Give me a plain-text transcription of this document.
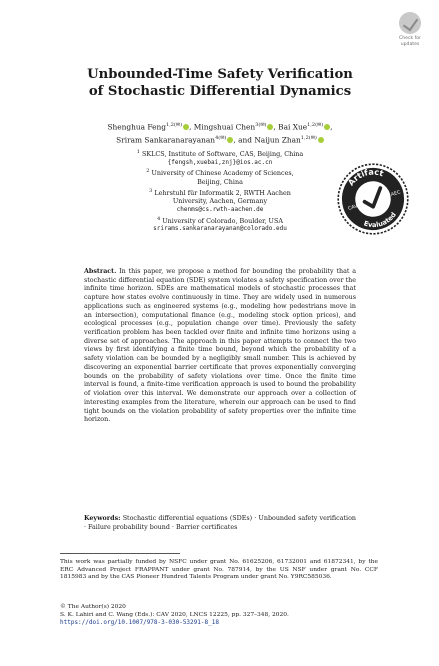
Check for
updates
Unbounded-Time Safety Verification
of Stochastic Differential Dynamics
Shenghua Feng$^{1,2(✉)}$ , Mingshuai Chen$^{3(✉)}$ , Bai Xue$^{1,2(✉)}$ ,
Sriram Sankaranarayanan$^{4(✉)}$ , and Naijun Zhan$^{1,2(✉)}$
$^1$ SKLCS, Institute of Software, CAS, Beijing, China
{fengsh,xuebai,znj}@ios.ac.cn
$^2$ University of Chinese Academy of Sciences,
Beijing, China
$^3$ Lehrstuhl für Informatik 2, RWTH Aachen
University, Aachen, Germany
chenms@cs.rwth-aachen.de
$^4$ University of Colorado, Boulder, USA
srirams.sankaranarayanan@colorado.edu
Artifact
Evaluated
CAV
AEC
Abstract. In this paper, we propose a method for bounding the probability that a stochastic differential equation (SDE) system violates a safety specification over the infinite time horizon. SDEs are mathematical models of stochastic processes that capture how states evolve continuously in time. They are widely used in numerous applications such as engineered systems (e.g., modeling how pedestrians move in an intersection), computational finance (e.g., modeling stock option prices), and ecological processes (e.g., population change over time). Previously the safety verification problem has been tackled over finite and infinite time horizons using a diverse set of approaches. The approach in this paper attempts to connect the two views by first identifying a finite time bound, beyond which the probability of a safety violation can be bounded by a negligibly small number. This is achieved by discovering an exponential barrier certificate that proves exponentially converging bounds on the probability of safety violations over time. Once the finite time interval is found, a finite-time verification approach is used to bound the probability of violation over this interval. We demonstrate our approach over a collection of interesting examples from the literature, wherein our approach can be used to find tight bounds on the violation probability of safety properties over the infinite time horizon.
Keywords: Stochastic differential equations (SDEs) · Unbounded safety verification · Failure probability bound · Barrier certificates
This work was partially funded by NSFC under grant No. 61625206, 61732001 and 61872341, by the ERC Advanced Project FRAPPANT under grant No. 787914, by the US NSF under grant No. CCF 1815983 and by the CAS Pioneer Hundred Talents Program under grant No. Y9RC585036.
© The Author(s) 2020
S. K. Lahiri and C. Wang (Eds.): CAV 2020, LNCS 12225, pp. 327–348, 2020.
https://doi.org/10.1007/978-3-030-53291-8_18
